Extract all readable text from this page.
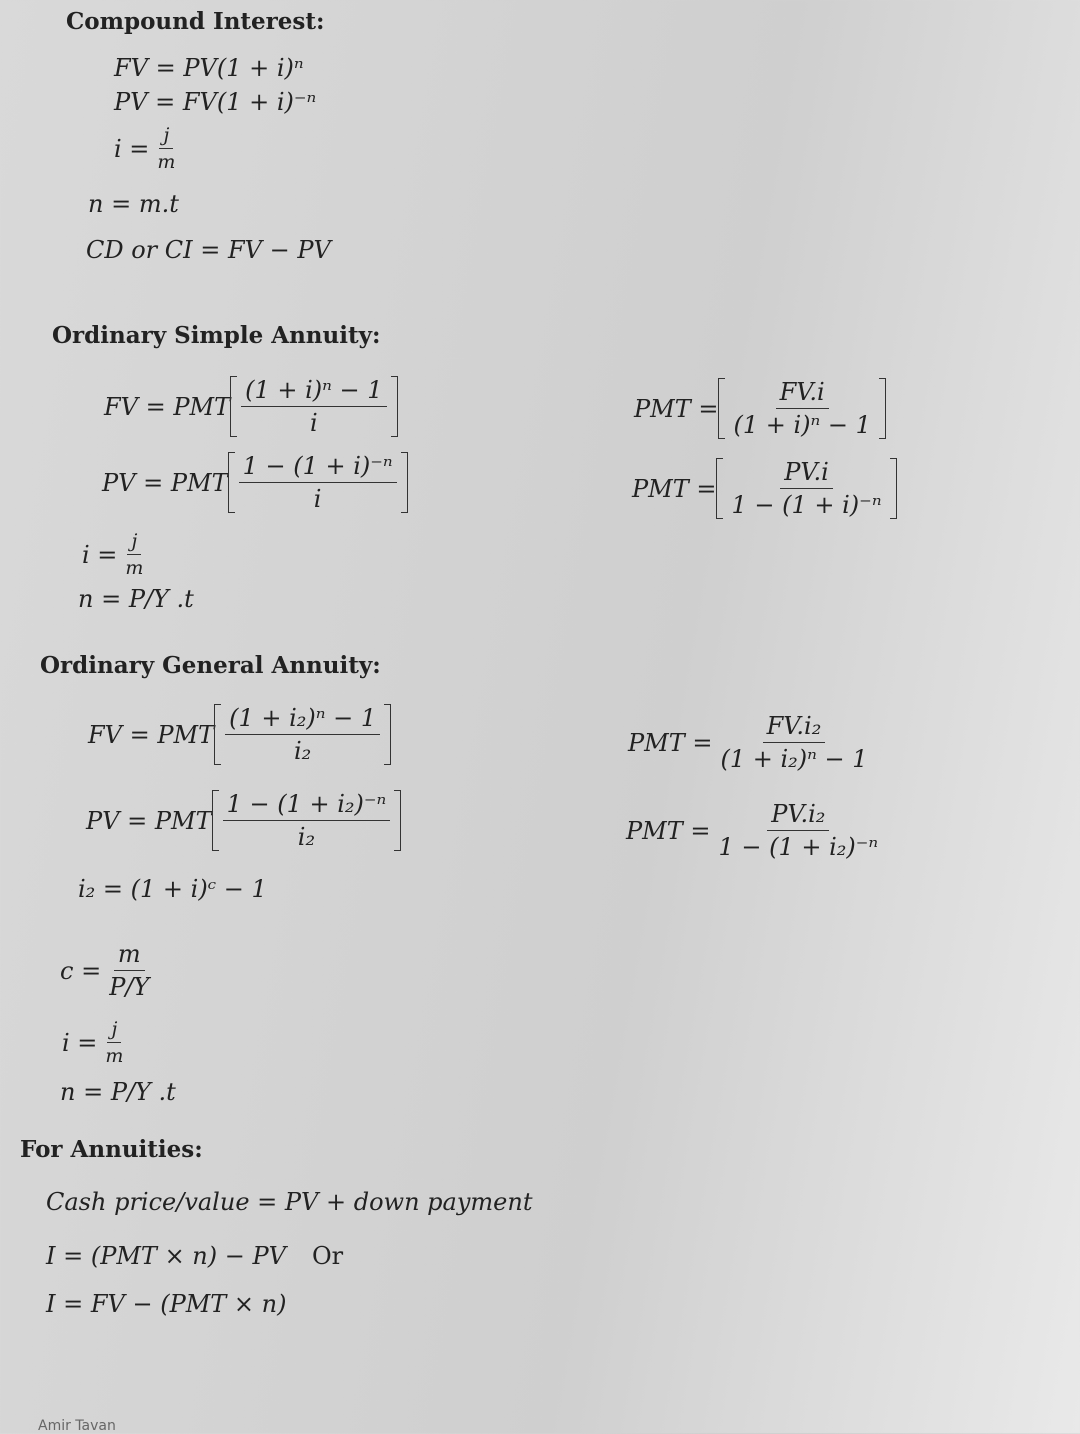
Compound Interest:
FV = PV(1 + i)ⁿ
PV = FV(1 + i)⁻ⁿ
$i = \frac{j}{m}$
n = m.t
CD or CI = FV − PV
Ordinary Simple Annuity:
FV = PMT $\frac{\text{(1 + i)ⁿ − 1}}{i}$
PV = PMT $\frac{\text{1 − (1 + i)⁻ⁿ}}{i}$
$i = \frac{j}{m}$
n = P/Y .t
PMT = $\frac{FV.i}{\text{(1 + i)ⁿ − 1}}$
PMT = $\frac{PV.i}{\text{1 − (1 + i)⁻ⁿ}}$
Ordinary General Annuity:
FV = PMT $\frac{\text{(1 + i₂)ⁿ − 1}}{\text{i₂}}$
PV = PMT $\frac{\text{1 − (1 + i₂)⁻ⁿ}}{\text{i₂}}$
i₂ = (1 + i)ᶜ − 1
$c = \frac{m}{P/Y}$
$i = \frac{j}{m}$
n = P/Y .t
PMT = $\frac{\text{FV.i₂}}{\text{(1 + i₂)ⁿ − 1}}$
PMT = $\frac{\text{PV.i₂}}{\text{1 − (1 + i₂)⁻ⁿ}}$
For Annuities:
Cash price/value = PV + down payment
I = (PMT × n) − PV Or
I = FV − (PMT × n)
Amir Tavan
